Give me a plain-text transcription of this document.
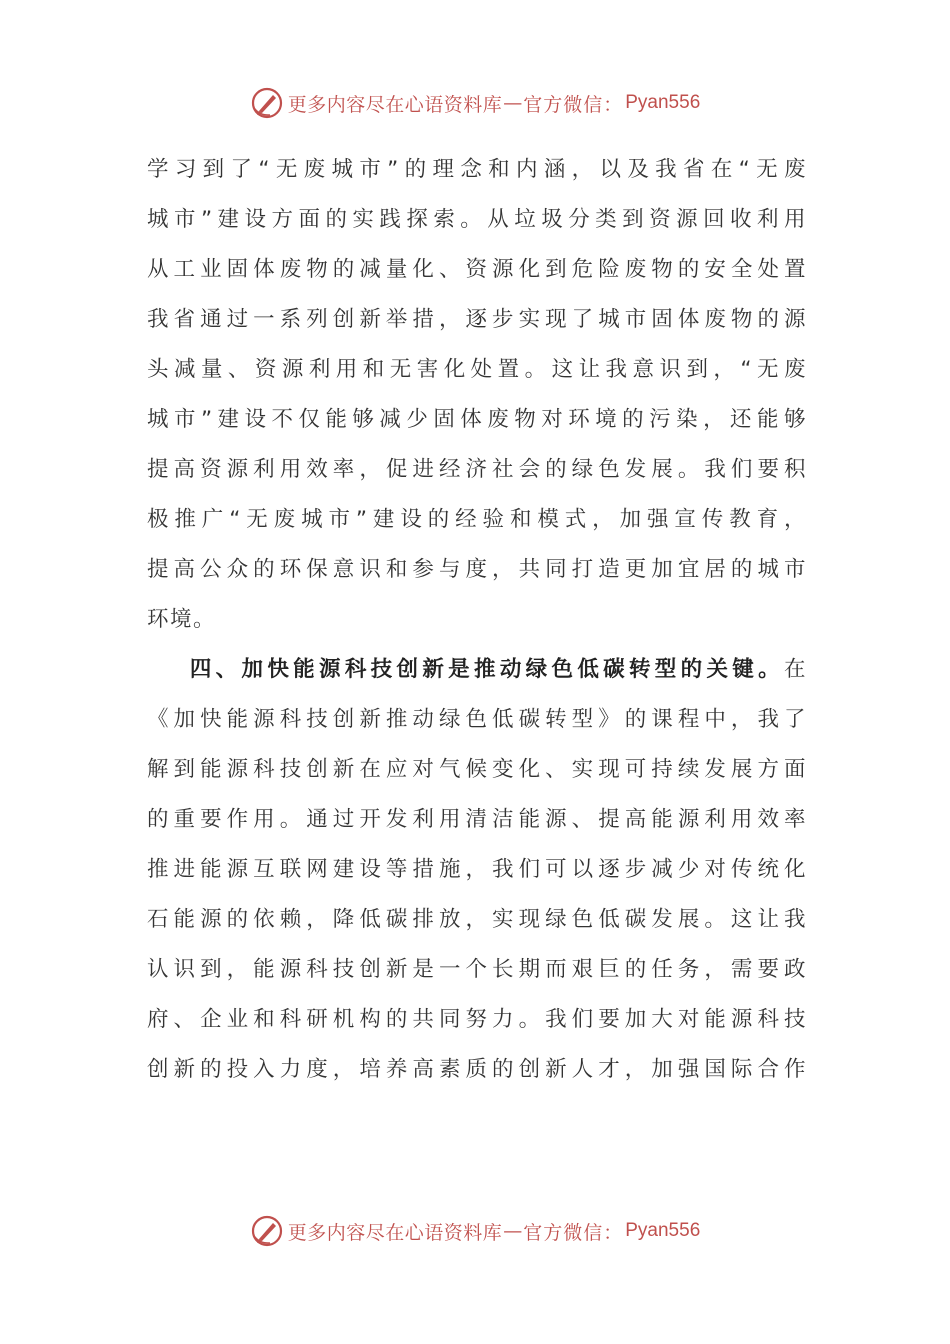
更多内容尽在心语资料库 — 官方微信： Pyan556
学习到了“无废城市”的理念和内涵，以及我省在“无废
城市”建设方面的实践探索。从垃圾分类到资源回收利用
从工业固体废物的减量化、资源化到危险废物的安全处置
我省通过一系列创新举措，逐步实现了城市固体废物的源
头减量、资源利用和无害化处置。这让我意识到，“无废
城市”建设不仅能够减少固体废物对环境的污染，还能够
提高资源利用效率，促进经济社会的绿色发展。我们要积
极推广“无废城市”建设的经验和模式，加强宣传教育，
提高公众的环保意识和参与度，共同打造更加宜居的城市
环境。
四、加快能源科技创新是推动绿色低碳转型的关键。在
《加快能源科技创新推动绿色低碳转型》的课程中，我了
解到能源科技创新在应对气候变化、实现可持续发展方面
的重要作用。通过开发利用清洁能源、提高能源利用效率
推进能源互联网建设等措施，我们可以逐步减少对传统化
石能源的依赖，降低碳排放，实现绿色低碳发展。这让我
认识到，能源科技创新是一个长期而艰巨的任务，需要政
府、企业和科研机构的共同努力。我们要加大对能源科技
创新的投入力度，培养高素质的创新人才，加强国际合作
更多内容尽在心语资料库 — 官方微信： Pyan556
